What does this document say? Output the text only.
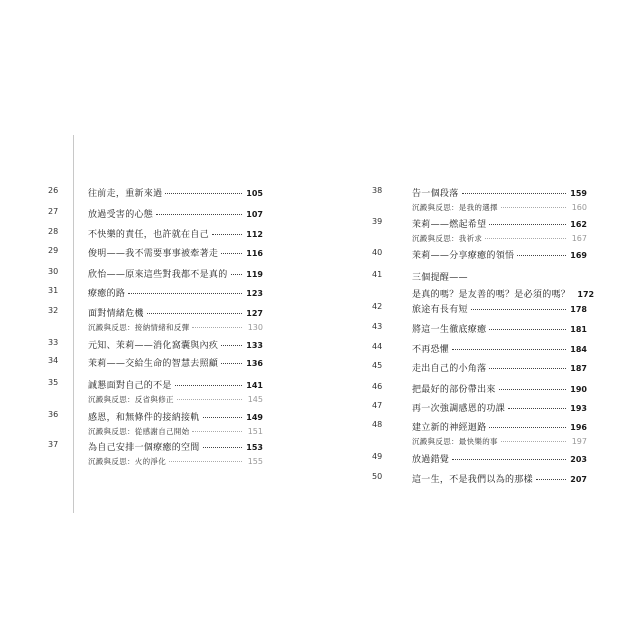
26	往前走，重新來過	105
27	放過受害的心態	107
28	不快樂的責任，也許就在自己	112
29	俊明——我不需要事事被牽著走	116
30	欣怡——原來這些對我都不是真的 119
31	療癒的路	123
32	面對情緒危機	127
沉澱與反思：接納情緒和反彈	130
33	元知、茉莉——消化窩囊與內疚	133
34	茉莉——交給生命的智慧去照顧	136
35	誠懇面對自己的不是	141
沉澱與反思：反省與修正	145
36	感恩，和無條件的接納接軌	149
沉澱與反思：從感謝自己開始	151
37	為自己安排一個療癒的空間	153
沉澱與反思：火的淨化	155
38	告一個段落	159
沉澱與反思：是我的選擇	160
39	茉莉——燃起希望	162
沉澱與反思：我祈求	167
40	茉莉——分享療癒的領悟	169
41	三個提醒——
是真的嗎？是友善的嗎？是必須的嗎？ 172
42	旅途有長有短	178
43	將這一生徹底療癒	181
44	不再恐懼	184
45	走出自己的小角落	187
46	把最好的部份帶出來	190
47	再一次強調感恩的功課	193
48	建立新的神經迴路	196
沉澱與反思：最快樂的事	197
49	放過錯覺	203
50	這一生，不是我們以為的那樣	207
